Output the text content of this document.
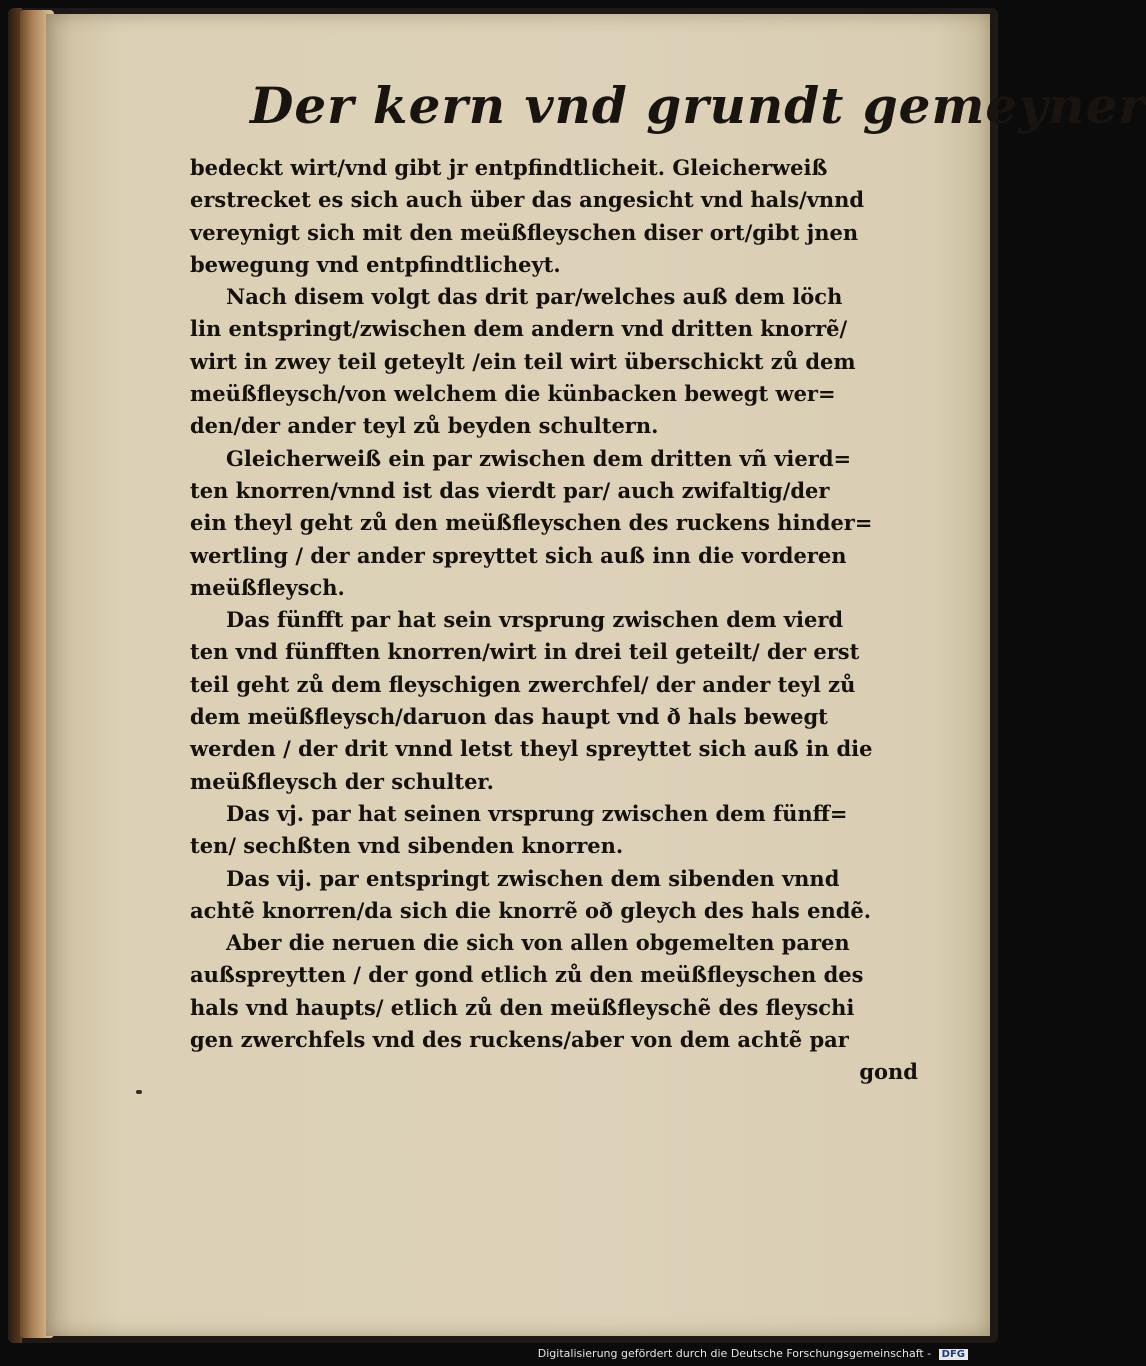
Der kern vnd grundt gemeyner
bedeckt wirt/vnd gibt jr entpfindtlicheit. Gleicherweiß
erstrecket es sich auch über das angesicht vnd hals/vnnd
vereynigt sich mit den meüßfleyschen diser ort/gibt jnen
bewegung vnd entpfindtlicheyt.
Nach disem volgt das drit par/welches auß dem löch
lin entspringt/zwischen dem andern vnd dritten knorrẽ/
wirt in zwey teil geteylt /ein teil wirt überschickt zů dem
meüßfleysch/von welchem die künbacken bewegt wer=
den/der ander teyl zů beyden schultern.
Gleicherweiß ein par zwischen dem dritten vñ vierd=
ten knorren/vnnd ist das vierdt par/ auch zwifaltig/der
ein theyl geht zů den meüßfleyschen des ruckens hinder=
wertling / der ander spreyttet sich auß inn die vorderen
meüßfleysch.
Das fünfft par hat sein vrsprung zwischen dem vierd
ten vnd fünfften knorren/wirt in drei teil geteilt/ der erst
teil geht zů dem fleyschigen zwerchfel/ der ander teyl zů
dem meüßfleysch/daruon das haupt vnd ð hals bewegt
werden / der drit vnnd letst theyl spreyttet sich auß in die
meüßfleysch der schulter.
Das vj. par hat seinen vrsprung zwischen dem fünff=
ten/ sechßten vnd sibenden knorren.
Das vij. par entspringt zwischen dem sibenden vnnd
achtẽ knorren/da sich die knorrẽ oð gleych des hals endẽ.
Aber die neruen die sich von allen obgemelten paren
außspreytten / der gond etlich zů den meüßfleyschen des
hals vnd haupts/ etlich zů den meüßfleyschẽ des fleyschi
gen zwerchfels vnd des ruckens/aber von dem achtẽ par
gond
Digitalisierung gefördert durch die Deutsche Forschungsgemeinschaft - DFG
